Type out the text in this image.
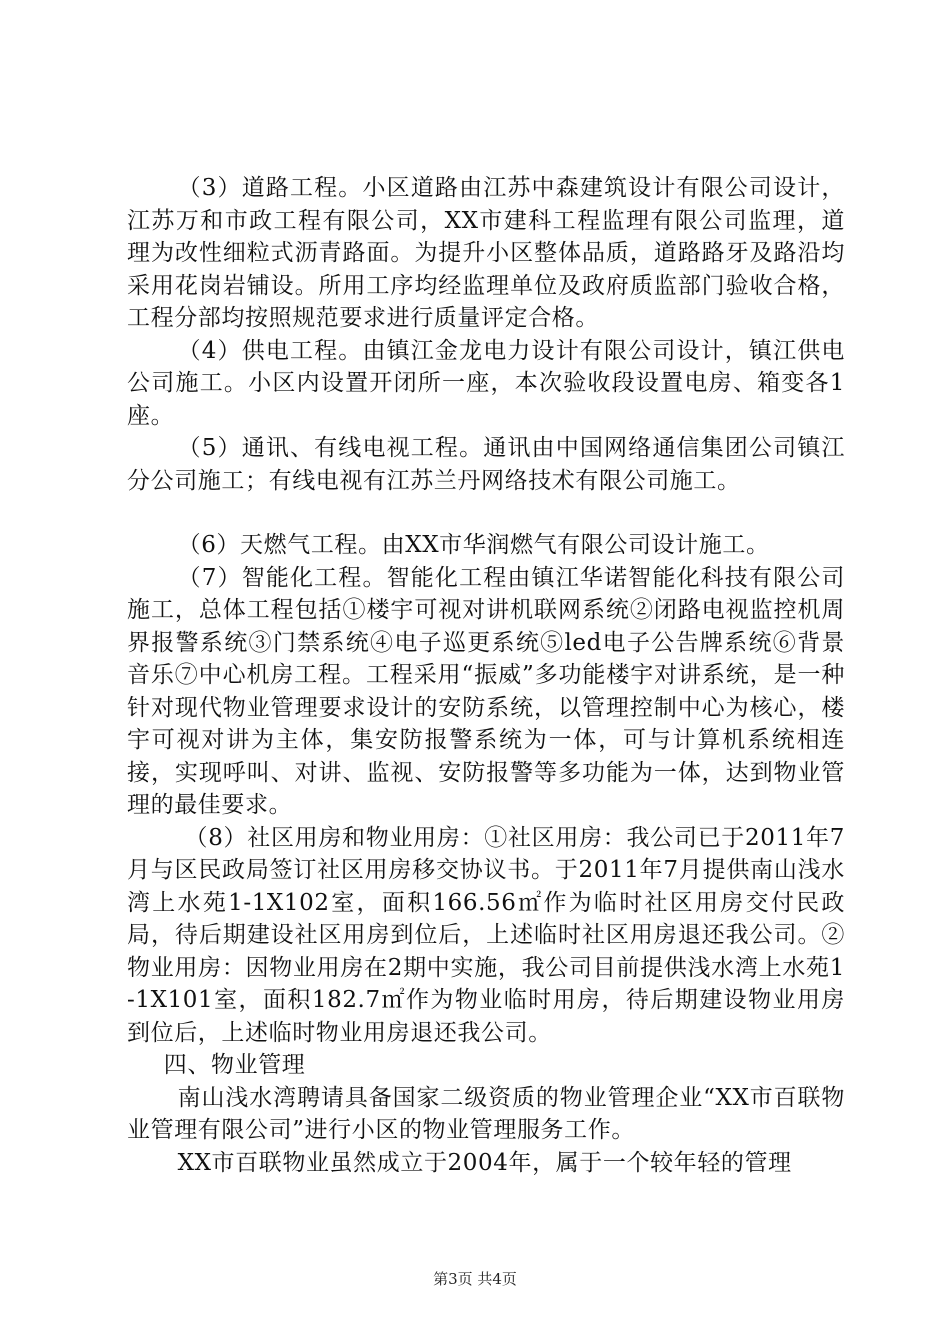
（3）道路工程。小区道路由江苏中森建筑设计有限公司设计，江苏万和市政工程有限公司，XX市建科工程监理有限公司监理，道理为改性细粒式沥青路面。为提升小区整体品质，道路路牙及路沿均采用花岗岩铺设。所用工序均经监理单位及政府质监部门验收合格，工程分部均按照规范要求进行质量评定合格。

（4）供电工程。由镇江金龙电力设计有限公司设计，镇江供电公司施工。小区内设置开闭所一座，本次验收段设置电房、箱变各1座。

（5）通讯、有线电视工程。通讯由中国网络通信集团公司镇江分公司施工；有线电视有江苏兰丹网络技术有限公司施工。

（6）天燃气工程。由XX市华润燃气有限公司设计施工。

（7）智能化工程。智能化工程由镇江华诺智能化科技有限公司施工，总体工程包括①楼宇可视对讲机联网系统②闭路电视监控机周界报警系统③门禁系统④电子巡更系统⑤led电子公告牌系统⑥背景音乐⑦中心机房工程。工程采用“振威”多功能楼宇对讲系统，是一种针对现代物业管理要求设计的安防系统，以管理控制中心为核心，楼宇可视对讲为主体，集安防报警系统为一体，可与计算机系统相连接，实现呼叫、对讲、监视、安防报警等多功能为一体，达到物业管理的最佳要求。

（8）社区用房和物业用房：①社区用房：我公司已于2011年7月与区民政局签订社区用房移交协议书。于2011年7月提供南山浅水湾上水苑1-1X102室，面积166.56㎡作为临时社区用房交付民政局，待后期建设社区用房到位后，上述临时社区用房退还我公司。②物业用房：因物业用房在2期中实施，我公司目前提供浅水湾上水苑1-1X101室，面积182.7㎡作为物业临时用房，待后期建设物业用房到位后，上述临时物业用房退还我公司。

四、物业管理

南山浅水湾聘请具备国家二级资质的物业管理企业“XX市百联物业管理有限公司”进行小区的物业管理服务工作。

XX市百联物业虽然成立于2004年，属于一个较年轻的管理

第3页 共4页
